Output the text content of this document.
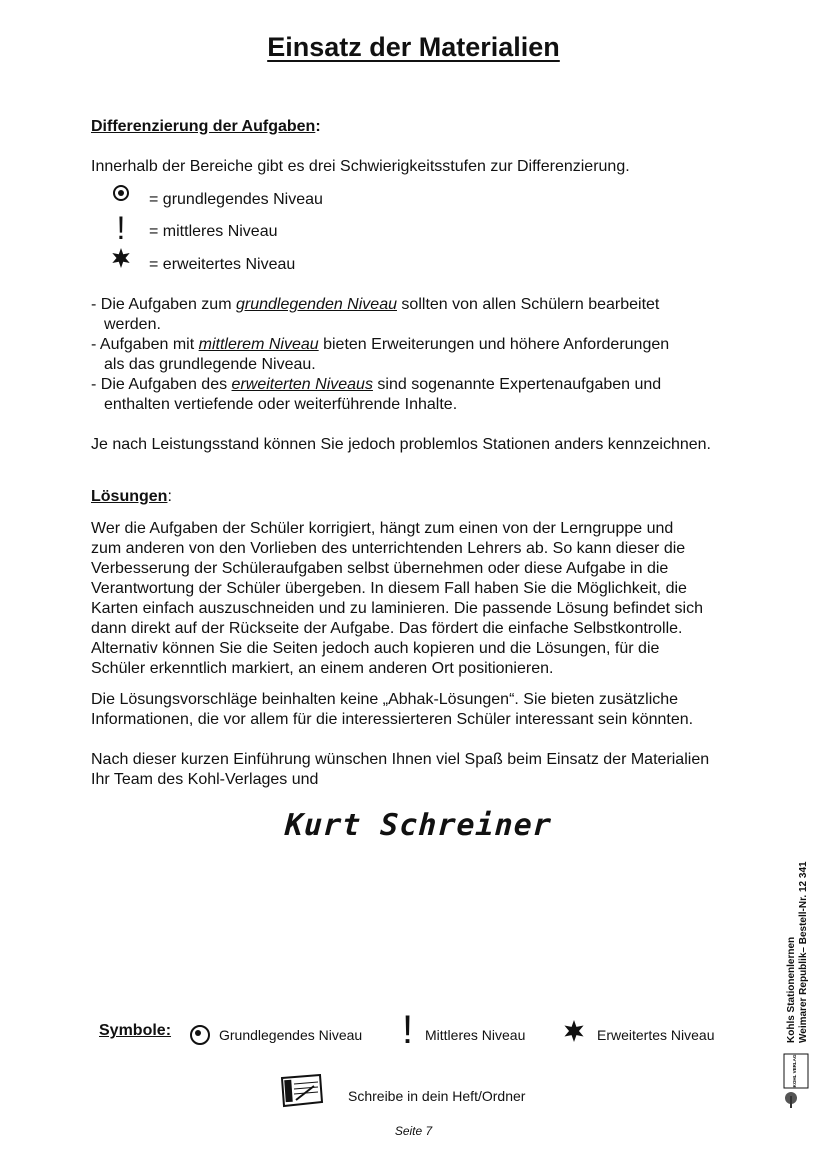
Einsatz der Materialien
Differenzierung der Aufgaben:
Innerhalb der Bereiche gibt es drei Schwierigkeitsstufen zur Differenzierung.
= grundlegendes Niveau
!	= mittleres Niveau
= erweitertes Niveau
- Die Aufgaben zum grundlegenden Niveau sollten von allen Schülern bearbeitet
werden.
- Aufgaben mit mittlerem Niveau bieten Erweiterungen und höhere Anforderungen
als das grundlegende Niveau.
- Die Aufgaben des erweiterten Niveaus sind sogenannte Expertenaufgaben und
enthalten vertiefende oder weiterführende Inhalte.
Je nach Leistungsstand können Sie jedoch problemlos Stationen anders kennzeichnen.
Lösungen:
Wer die Aufgaben der Schüler korrigiert, hängt zum einen von der Lerngruppe und
zum anderen von den Vorlieben des unterrichtenden Lehrers ab. So kann dieser die
Verbesserung der Schüleraufgaben selbst übernehmen oder diese Aufgabe in die
Verantwortung der Schüler übergeben. In diesem Fall haben Sie die Möglichkeit, die
Karten einfach auszuschneiden und zu laminieren. Die passende Lösung befindet sich
dann direkt auf der Rückseite der Aufgabe. Das fördert die einfache Selbstkontrolle.
Alternativ können Sie die Seiten jedoch auch kopieren und die Lösungen, für die
Schüler erkenntlich markiert, an einem anderen Ort positionieren.
Die Lösungsvorschläge beinhalten keine „Abhak-Lösungen“. Sie bieten zusätzliche
Informationen, die vor allem für die interessierteren Schüler interessant sein könnten.
Nach dieser kurzen Einführung wünschen Ihnen viel Spaß beim Einsatz der Materialien
Ihr Team des Kohl-Verlages und
Kurt Schreiner
Symbole:	Grundlegendes Niveau ! Mittleres Niveau	Erweitertes Niveau
Schreibe in dein Heft/Ordner
Kohls Stationenlernen Weimarer Republik– Bestell-Nr. 12 341
KOHL VERLAG
Seite 7
